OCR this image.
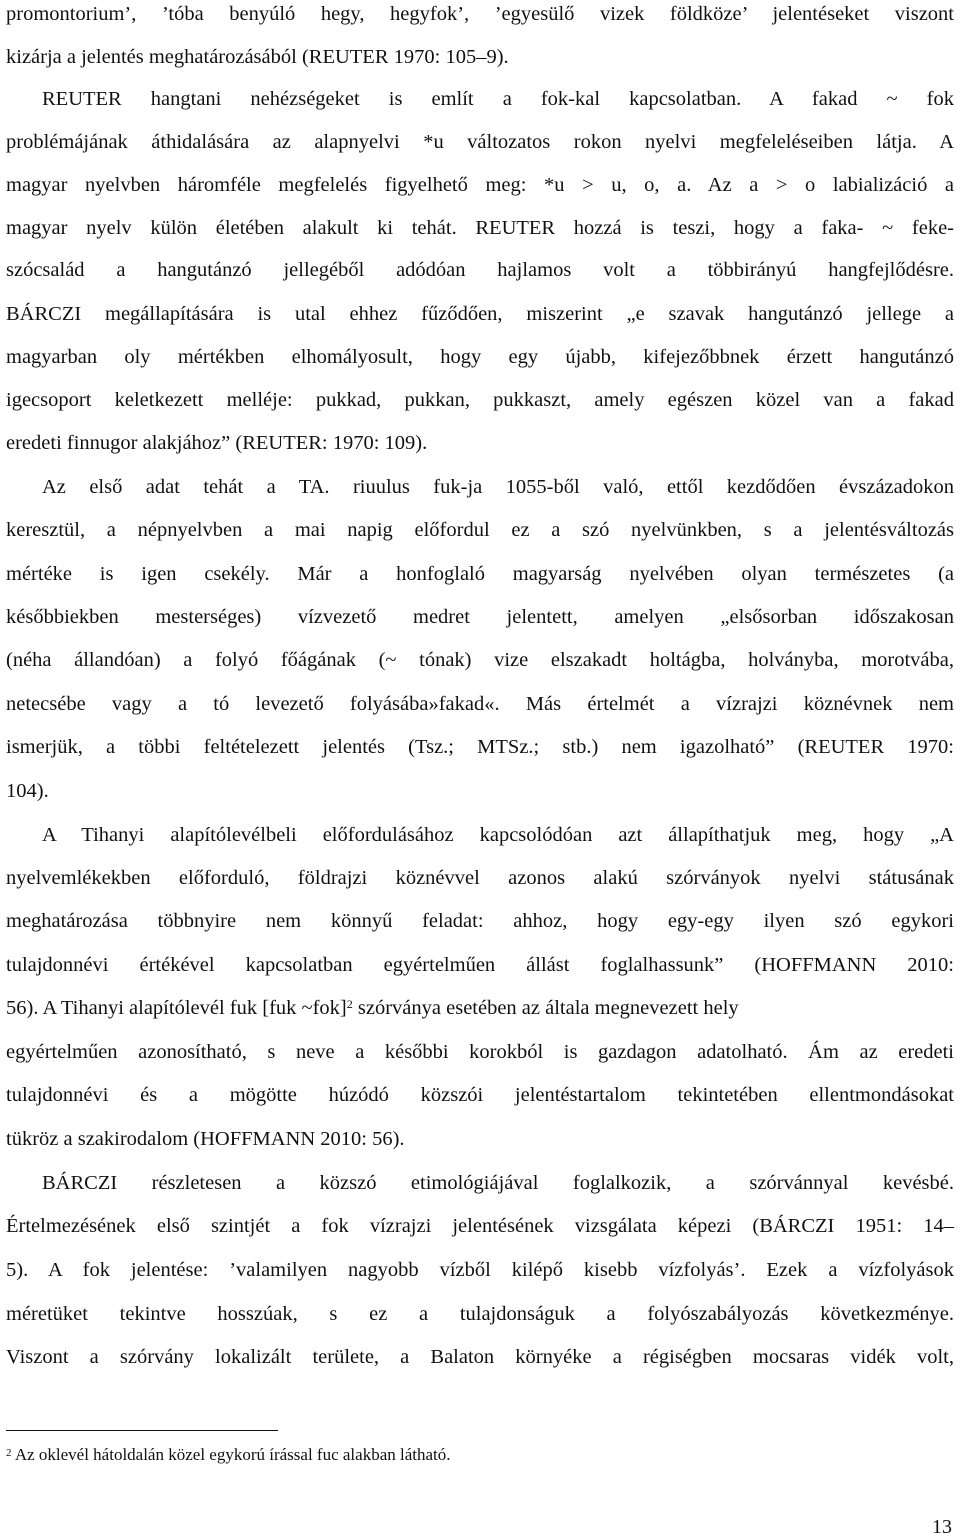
promontorium’, ’tóba benyúló hegy, hegyfok’, ’egyesülő vizek földköze’ jelentéseket viszont
kizárja a jelentés meghatározásából (REUTER 1970: 105–9).
REUTER hangtani nehézségeket is említ a fok-kal kapcsolatban. A fakad ~ fok
problémájának áthidalására az alapnyelvi *u változatos rokon nyelvi megfeleléseiben látja. A
magyar nyelvben háromféle megfelelés figyelhető meg: *u > u, o, a. Az a > o labializáció a
magyar nyelv külön életében alakult ki tehát. REUTER hozzá is teszi, hogy a faka- ~ feke-
szócsalád a hangutánzó jellegéből adódóan hajlamos volt a többirányú hangfejlődésre.
BÁRCZI megállapítására is utal ehhez fűződően, miszerint „e szavak hangutánzó jellege a
magyarban oly mértékben elhomályosult, hogy egy újabb, kifejezőbbnek érzett hangutánzó
igecsoport keletkezett melléje: pukkad, pukkan, pukkaszt, amely egészen közel van a fakad
eredeti finnugor alakjához” (REUTER: 1970: 109).
Az első adat tehát a TA. riuulus fuk-ja 1055-ből való, ettől kezdődően évszázadokon
keresztül, a népnyelvben a mai napig előfordul ez a szó nyelvünkben, s a jelentésváltozás
mértéke is igen csekély. Már a honfoglaló magyarság nyelvében olyan természetes (a
későbbiekben mesterséges) vízvezető medret jelentett, amelyen „elsősorban időszakosan
(néha állandóan) a folyó főágának (~ tónak) vize elszakadt holtágba, holványba, morotvába,
netecsébe vagy a tó levezető folyásába»fakad«. Más értelmét a vízrajzi köznévnek nem
ismerjük, a többi feltételezett jelentés (Tsz.; MTSz.; stb.) nem igazolható” (REUTER 1970:
104).
A Tihanyi alapítólevélbeli előfordulásához kapcsolódóan azt állapíthatjuk meg, hogy „A
nyelvemlékekben előforduló, földrajzi köznévvel azonos alakú szórványok nyelvi státusának
meghatározása többnyire nem könnyű feladat: ahhoz, hogy egy-egy ilyen szó egykori
tulajdonnévi értékével kapcsolatban egyértelműen állást foglalhassunk” (HOFFMANN 2010:
56). A Tihanyi alapítólevél fuk [fuk ~fok]$^2$ szórványa esetében az általa megnevezett hely
egyértelműen azonosítható, s neve a későbbi korokból is gazdagon adatolható. Ám az eredeti
tulajdonnévi és a mögötte húzódó közszói jelentéstartalom tekintetében ellentmondásokat
tükröz a szakirodalom (HOFFMANN 2010: 56).
BÁRCZI részletesen a közszó etimológiájával foglalkozik, a szórvánnyal kevésbé.
Értelmezésének első szintjét a fok vízrajzi jelentésének vizsgálata képezi (BÁRCZI 1951: 14–
5). A fok jelentése: ’valamilyen nagyobb vízből kilépő kisebb vízfolyás’. Ezek a vízfolyások
méretüket tekintve hosszúak, s ez a tulajdonságuk a folyószabályozás következménye.
Viszont a szórvány lokalizált területe, a Balaton környéke a régiségben mocsaras vidék volt,
$^2$ Az oklevél hátoldalán közel egykorú írással fuc alakban látható.
13
